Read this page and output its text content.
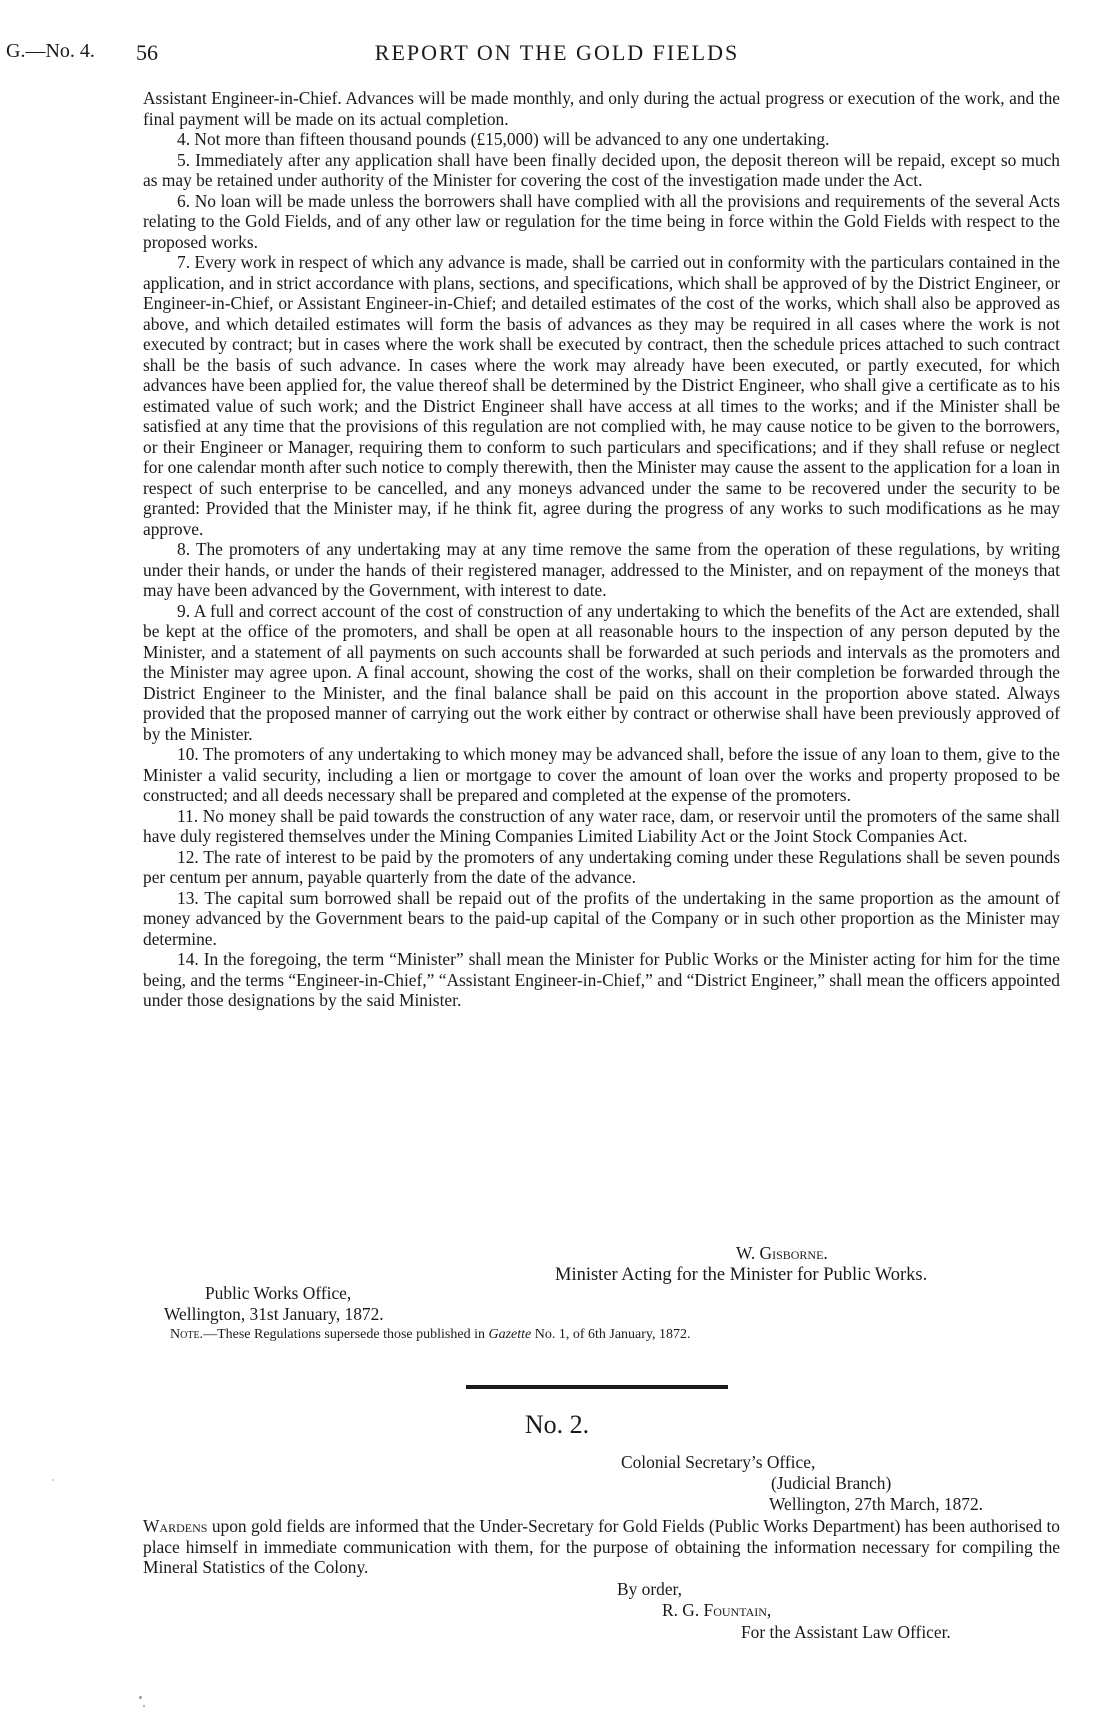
G.—No. 4. 56	REPORT ON THE GOLD FIELDS

Assistant Engineer-in-Chief. Advances will be made monthly, and only during the actual progress or execution of the work, and the final payment will be made on its actual completion.

4. Not more than fifteen thousand pounds (£15,000) will be advanced to any one undertaking.

5. Immediately after any application shall have been finally decided upon, the deposit thereon will be repaid, except so much as may be retained under authority of the Minister for covering the cost of the investigation made under the Act.

6. No loan will be made unless the borrowers shall have complied with all the provisions and requirements of the several Acts relating to the Gold Fields, and of any other law or regulation for the time being in force within the Gold Fields with respect to the proposed works.

7. Every work in respect of which any advance is made, shall be carried out in conformity with the particulars contained in the application, and in strict accordance with plans, sections, and specifications, which shall be approved of by the District Engineer, or Engineer-in-Chief, or Assistant Engineer-in-Chief; and detailed estimates of the cost of the works, which shall also be approved as above, and which detailed estimates will form the basis of advances as they may be required in all cases where the work is not executed by contract; but in cases where the work shall be executed by contract, then the schedule prices attached to such contract shall be the basis of such advance. In cases where the work may already have been executed, or partly executed, for which advances have been applied for, the value thereof shall be determined by the District Engineer, who shall give a certificate as to his estimated value of such work; and the District Engineer shall have access at all times to the works; and if the Minister shall be satisfied at any time that the provisions of this regulation are not complied with, he may cause notice to be given to the borrowers, or their Engineer or Manager, requiring them to conform to such particulars and specifications; and if they shall refuse or neglect for one calendar month after such notice to comply therewith, then the Minister may cause the assent to the application for a loan in respect of such enterprise to be cancelled, and any moneys advanced under the same to be recovered under the security to be granted: Provided that the Minister may, if he think fit, agree during the progress of any works to such modifications as he may approve.

8. The promoters of any undertaking may at any time remove the same from the operation of these regulations, by writing under their hands, or under the hands of their registered manager, addressed to the Minister, and on repayment of the moneys that may have been advanced by the Government, with interest to date.

9. A full and correct account of the cost of construction of any undertaking to which the benefits of the Act are extended, shall be kept at the office of the promoters, and shall be open at all reasonable hours to the inspection of any person deputed by the Minister, and a statement of all payments on such accounts shall be forwarded at such periods and intervals as the promoters and the Minister may agree upon. A final account, showing the cost of the works, shall on their completion be forwarded through the District Engineer to the Minister, and the final balance shall be paid on this account in the proportion above stated. Always provided that the proposed manner of carrying out the work either by contract or otherwise shall have been previously approved of by the Minister.

10. The promoters of any undertaking to which money may be advanced shall, before the issue of any loan to them, give to the Minister a valid security, including a lien or mortgage to cover the amount of loan over the works and property proposed to be constructed; and all deeds necessary shall be prepared and completed at the expense of the promoters.

11. No money shall be paid towards the construction of any water race, dam, or reservoir until the promoters of the same shall have duly registered themselves under the Mining Companies Limited Liability Act or the Joint Stock Companies Act.

12. The rate of interest to be paid by the promoters of any undertaking coming under these Regulations shall be seven pounds per centum per annum, payable quarterly from the date of the advance.

13. The capital sum borrowed shall be repaid out of the profits of the undertaking in the same proportion as the amount of money advanced by the Government bears to the paid-up capital of the Company or in such other proportion as the Minister may determine.

14. In the foregoing, the term “Minister” shall mean the Minister for Public Works or the Minister acting for him for the time being, and the terms “Engineer-in-Chief,” “Assistant Engineer-in-Chief,” and “District Engineer,” shall mean the officers appointed under those designations by the said Minister.

W. Gisborne.
Minister Acting for the Minister for Public Works.
Public Works Office,
Wellington, 31st January, 1872.
Note.—These Regulations supersede those published in Gazette No. 1, of 6th January, 1872.
No. 2.
Colonial Secretary’s Office,
(Judicial Branch)
Wellington, 27th March, 1872.

Wardens upon gold fields are informed that the Under-Secretary for Gold Fields (Public Works Department) has been authorised to place himself in immediate communication with them, for the purpose of obtaining the information necessary for compiling the Mineral Statistics of the Colony.

By order,
R. G. Fountain,
For the Assistant Law Officer.
